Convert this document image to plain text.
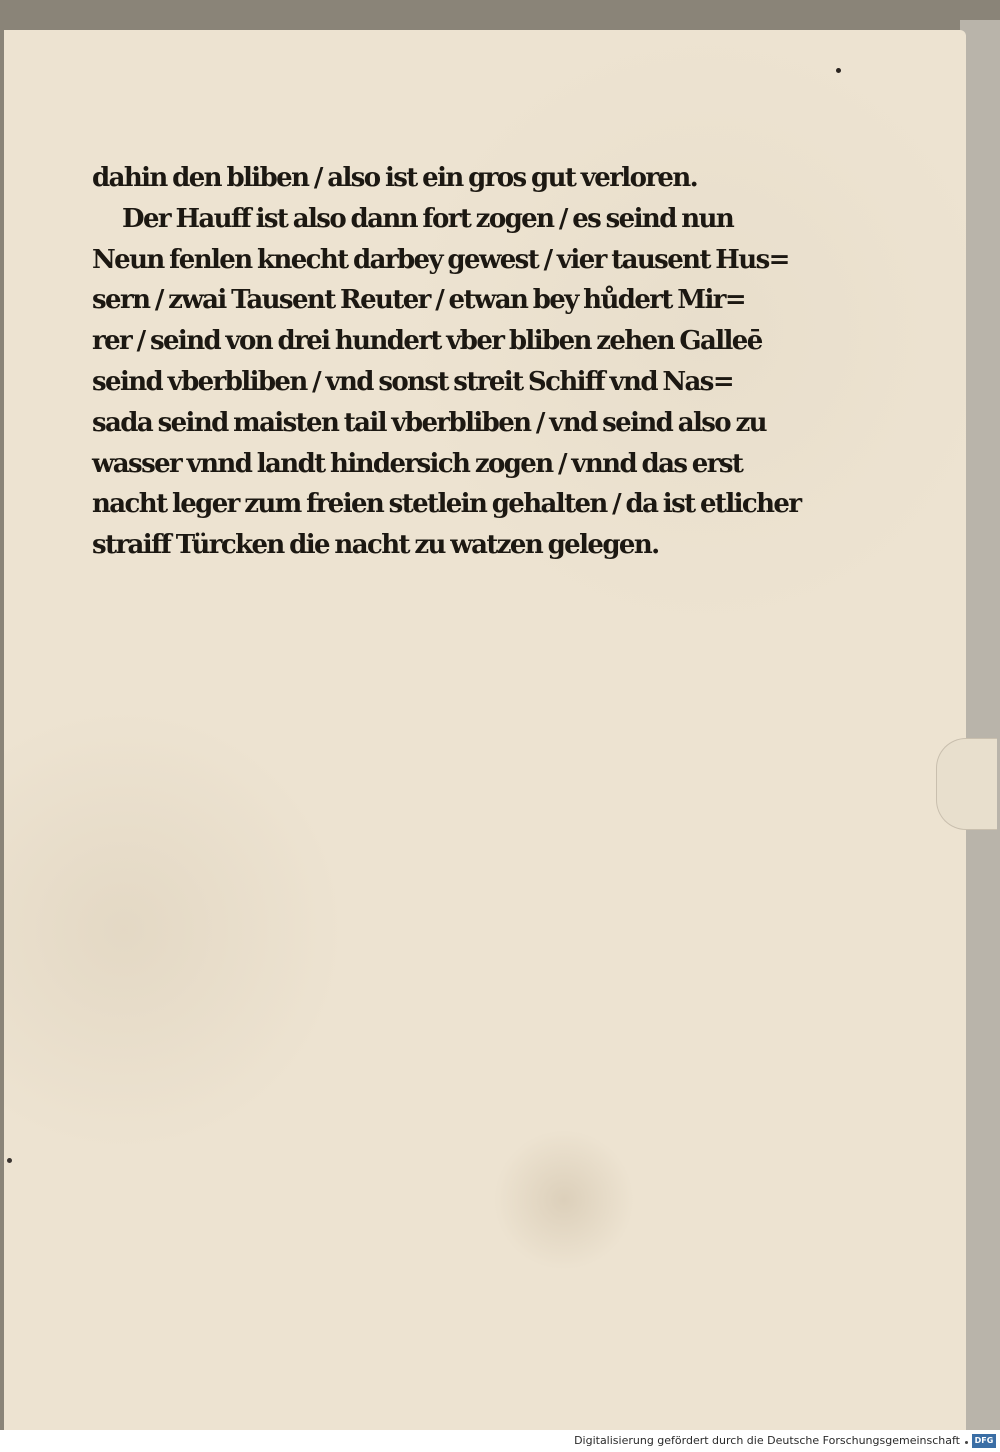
dahin den bliben / also ist ein gros gut verloren.
Der Hauff ist also dann fort zogen / es seind nun
Neun fenlen knecht darbey gewest / vier tausent Hus=
sern / zwai Tausent Reuter / etwan bey hůdert Mir=
rer / seind von drei hundert vber bliben zehen Galleē
seind vberbliben / vnd sonst streit Schiff vnd Nas=
sada seind maisten tail vberbliben / vnd seind also zu
wasser vnnd landt hindersich zogen / vnnd das erst
nacht leger zum freien stetlein gehalten / da ist etlicher
straiff Türcken die nacht zu watzen gelegen.
Digitalisierung gefördert durch die Deutsche Forschungsgemeinschaft	DFG
